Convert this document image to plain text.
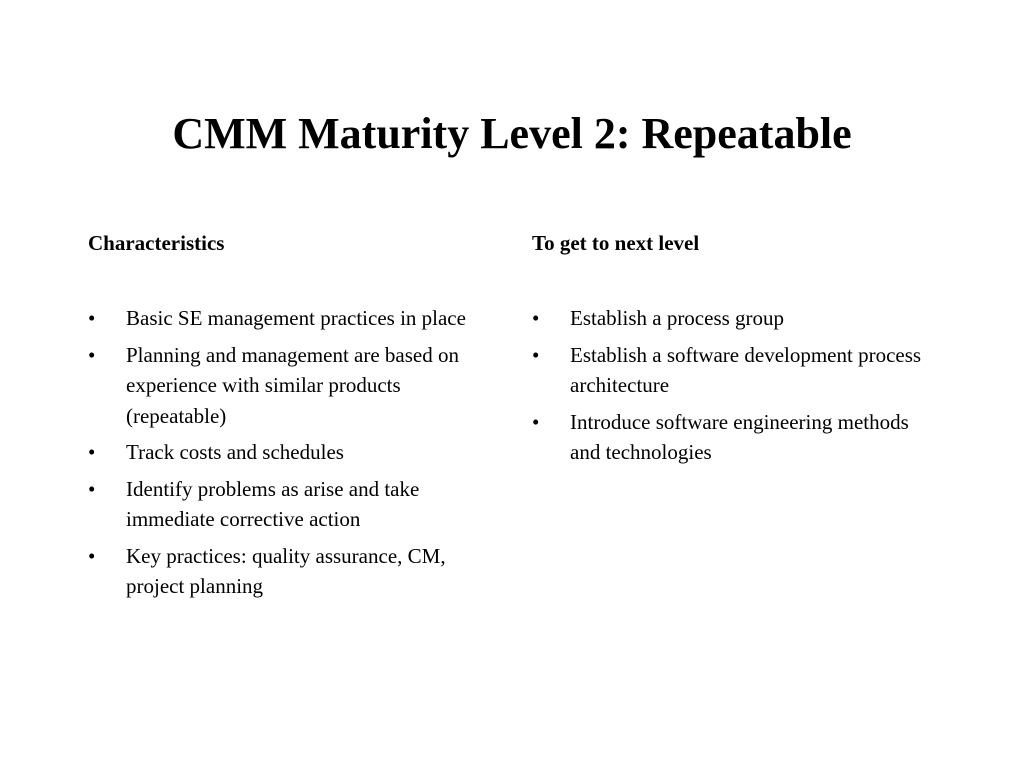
CMM Maturity Level 2: Repeatable
Characteristics
•	Basic SE management practices in place
•	Planning and management are based on experience with similar products (repeatable)
•	Track costs and schedules
•	Identify problems as arise and take immediate corrective action
•	Key practices: quality assurance, CM, project planning
To get to next level
•	Establish a process group
•	Establish a software development process architecture
•	Introduce software engineering methods and technologies
